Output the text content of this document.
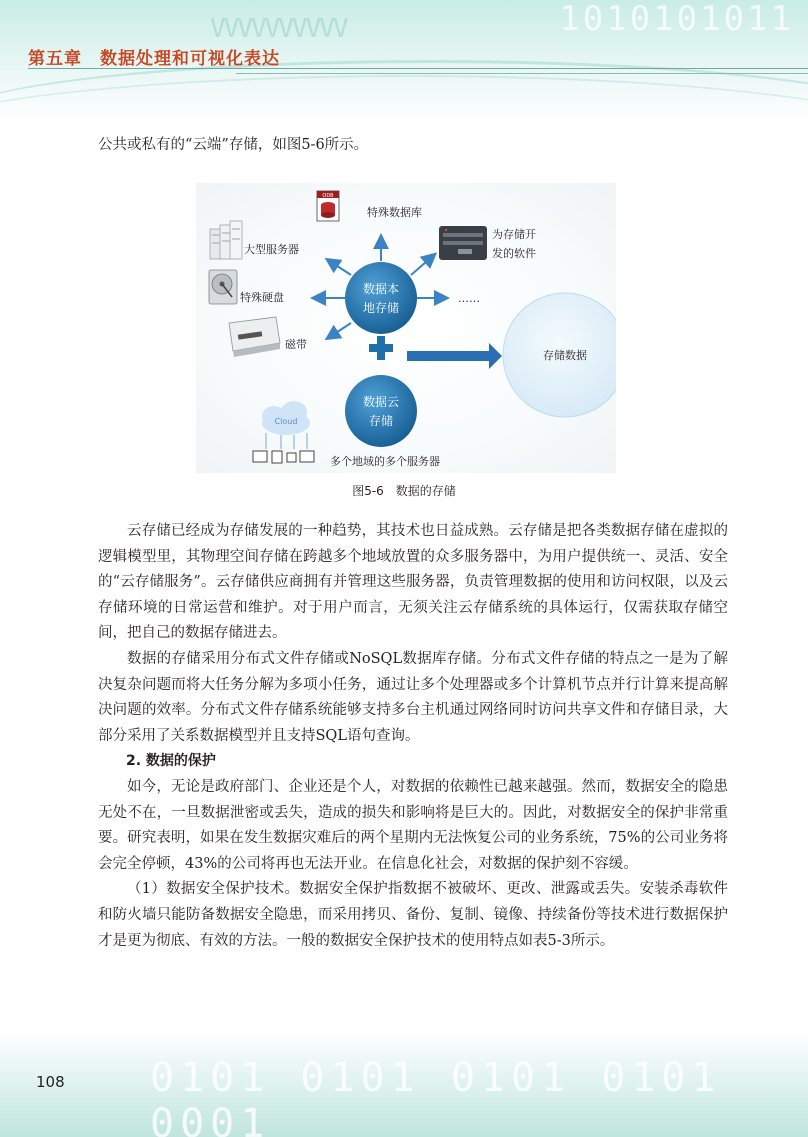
VVVVVVVVVV	1010101011
第五章　数据处理和可视化表达
公共或私有的“云端”存储，如图5-6所示。
存储数据
数据本
地存储
数据云
存储
……
ODB
特殊数据库
大型服务器
为存储开
发的软件
特殊硬盘
磁带
Cloud
多个地域的多个服务器
图5-6　数据的存储

云存储已经成为存储发展的一种趋势，其技术也日益成熟。云存储是把各类数据存储在虚拟的逻辑模型里，其物理空间存储在跨越多个地域放置的众多服务器中，为用户提供统一、灵活、安全的“云存储服务”。云存储供应商拥有并管理这些服务器，负责管理数据的使用和访问权限，以及云存储环境的日常运营和维护。对于用户而言，无须关注云存储系统的具体运行，仅需获取存储空间，把自己的数据存储进去。

数据的存储采用分布式文件存储或NoSQL数据库存储。分布式文件存储的特点之一是为了解决复杂问题而将大任务分解为多项小任务，通过让多个处理器或多个计算机节点并行计算来提高解决问题的效率。分布式文件存储系统能够支持多台主机通过网络同时访问共享文件和存储目录，大部分采用了关系数据模型并且支持SQL语句查询。

2. 数据的保护

如今，无论是政府部门、企业还是个人，对数据的依赖性已越来越强。然而，数据安全的隐患无处不在，一旦数据泄密或丢失，造成的损失和影响将是巨大的。因此，对数据安全的保护非常重要。研究表明，如果在发生数据灾难后的两个星期内无法恢复公司的业务系统，75%的公司业务将会完全停顿，43%的公司将再也无法开业。在信息化社会，对数据的保护刻不容缓。

（1）数据安全保护技术。数据安全保护指数据不被破坏、更改、泄露或丢失。安装杀毒软件和防火墙只能防备数据安全隐患，而采用拷贝、备份、复制、镜像、持续备份等技术进行数据保护才是更为彻底、有效的方法。一般的数据安全保护技术的使用特点如表5-3所示。

0101 0101 0101 0101 0001
108
